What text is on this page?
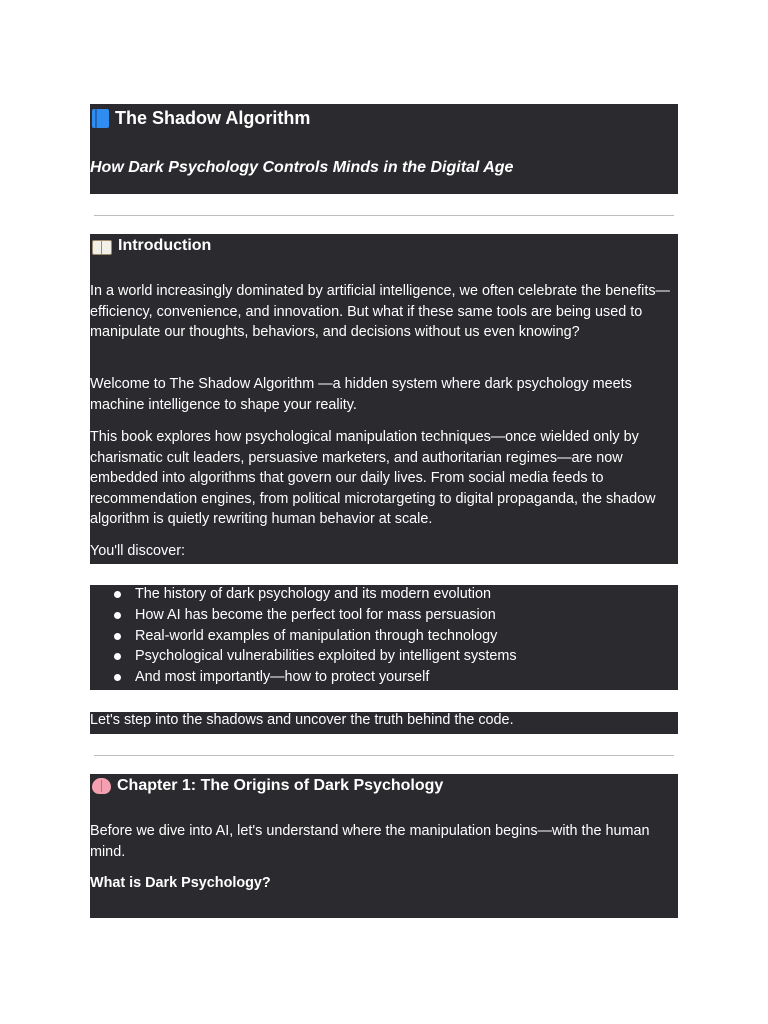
The Shadow Algorithm
How Dark Psychology Controls Minds in the Digital Age
Introduction

In a world increasingly dominated by artificial intelligence, we often celebrate the benefits—efficiency, convenience, and innovation. But what if these same tools are being used to manipulate our thoughts, behaviors, and decisions without us even knowing?

Welcome to The Shadow Algorithm —a hidden system where dark psychology meets machine intelligence to shape your reality.

This book explores how psychological manipulation techniques—once wielded only by charismatic cult leaders, persuasive marketers, and authoritarian regimes—are now embedded into algorithms that govern our daily lives. From social media feeds to recommendation engines, from political microtargeting to digital propaganda, the shadow algorithm is quietly rewriting human behavior at scale.

You'll discover:

The history of dark psychology and its modern evolution
How AI has become the perfect tool for mass persuasion
Real-world examples of manipulation through technology
Psychological vulnerabilities exploited by intelligent systems
And most importantly—how to protect yourself

Let's step into the shadows and uncover the truth behind the code.

Chapter 1: The Origins of Dark Psychology

Before we dive into AI, let's understand where the manipulation begins—with the human mind.

What is Dark Psychology?
